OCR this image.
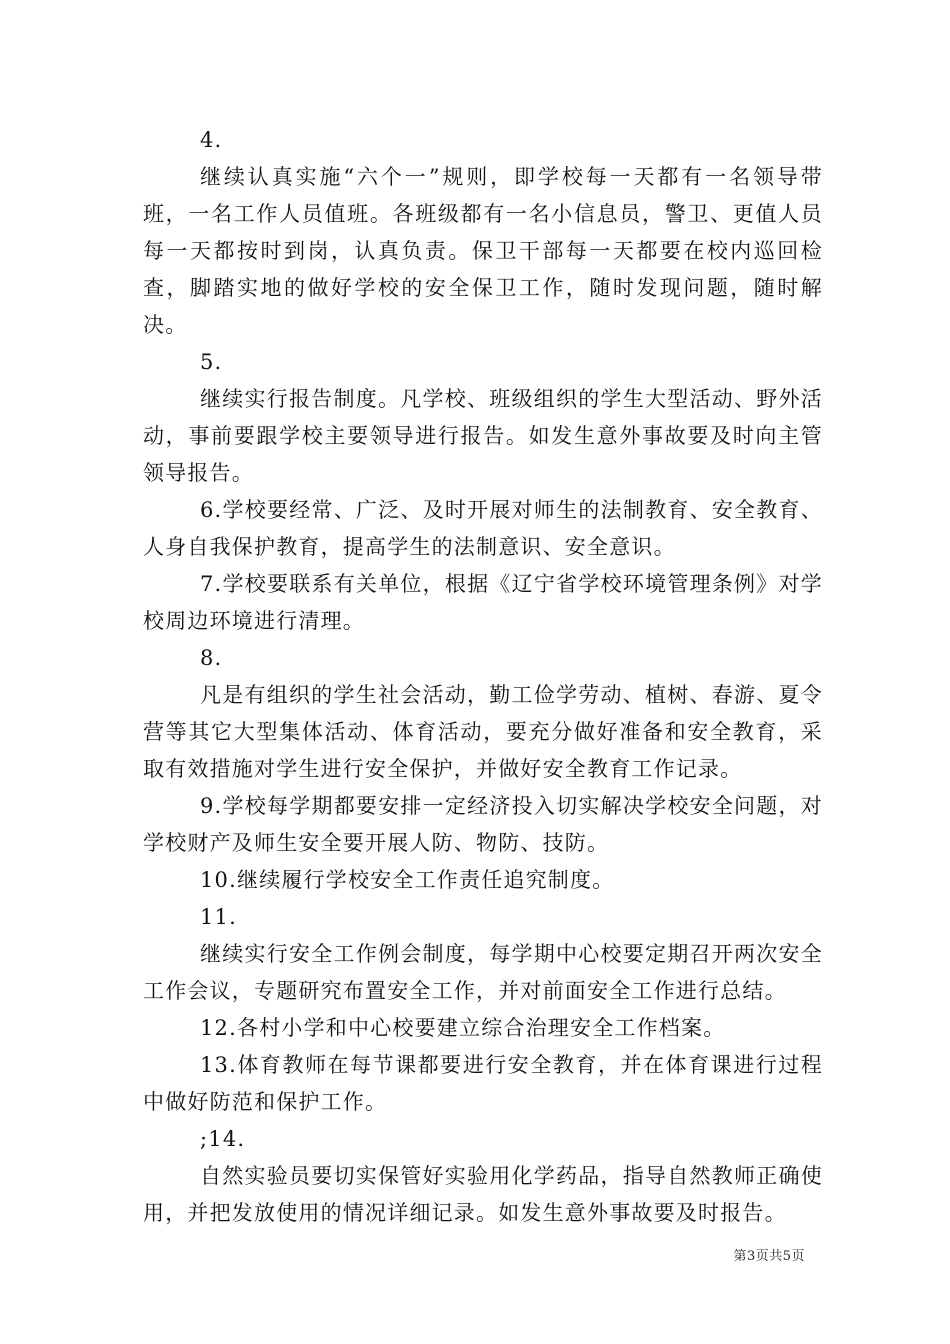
4.

继续认真实施“六个一”规则，即学校每一天都有一名领导带班，一名工作人员值班。各班级都有一名小信息员，警卫、更值人员每一天都按时到岗，认真负责。保卫干部每一天都要在校内巡回检查，脚踏实地的做好学校的安全保卫工作，随时发现问题，随时解决。

5.

继续实行报告制度。凡学校、班级组织的学生大型活动、野外活动，事前要跟学校主要领导进行报告。如发生意外事故要及时向主管领导报告。

6.学校要经常、广泛、及时开展对师生的法制教育、安全教育、人身自我保护教育，提高学生的法制意识、安全意识。

7.学校要联系有关单位，根据《辽宁省学校环境管理条例》对学校周边环境进行清理。

8.

凡是有组织的学生社会活动，勤工俭学劳动、植树、春游、夏令营等其它大型集体活动、体育活动，要充分做好准备和安全教育，采取有效措施对学生进行安全保护，并做好安全教育工作记录。

9.学校每学期都要安排一定经济投入切实解决学校安全问题，对学校财产及师生安全要开展人防、物防、技防。

10.继续履行学校安全工作责任追究制度。

11.

继续实行安全工作例会制度，每学期中心校要定期召开两次安全工作会议，专题研究布置安全工作，并对前面安全工作进行总结。

12.各村小学和中心校要建立综合治理安全工作档案。

13.体育教师在每节课都要进行安全教育，并在体育课进行过程中做好防范和保护工作。

;14.

自然实验员要切实保管好实验用化学药品，指导自然教师正确使用，并把发放使用的情况详细记录。如发生意外事故要及时报告。

第3页共5页
